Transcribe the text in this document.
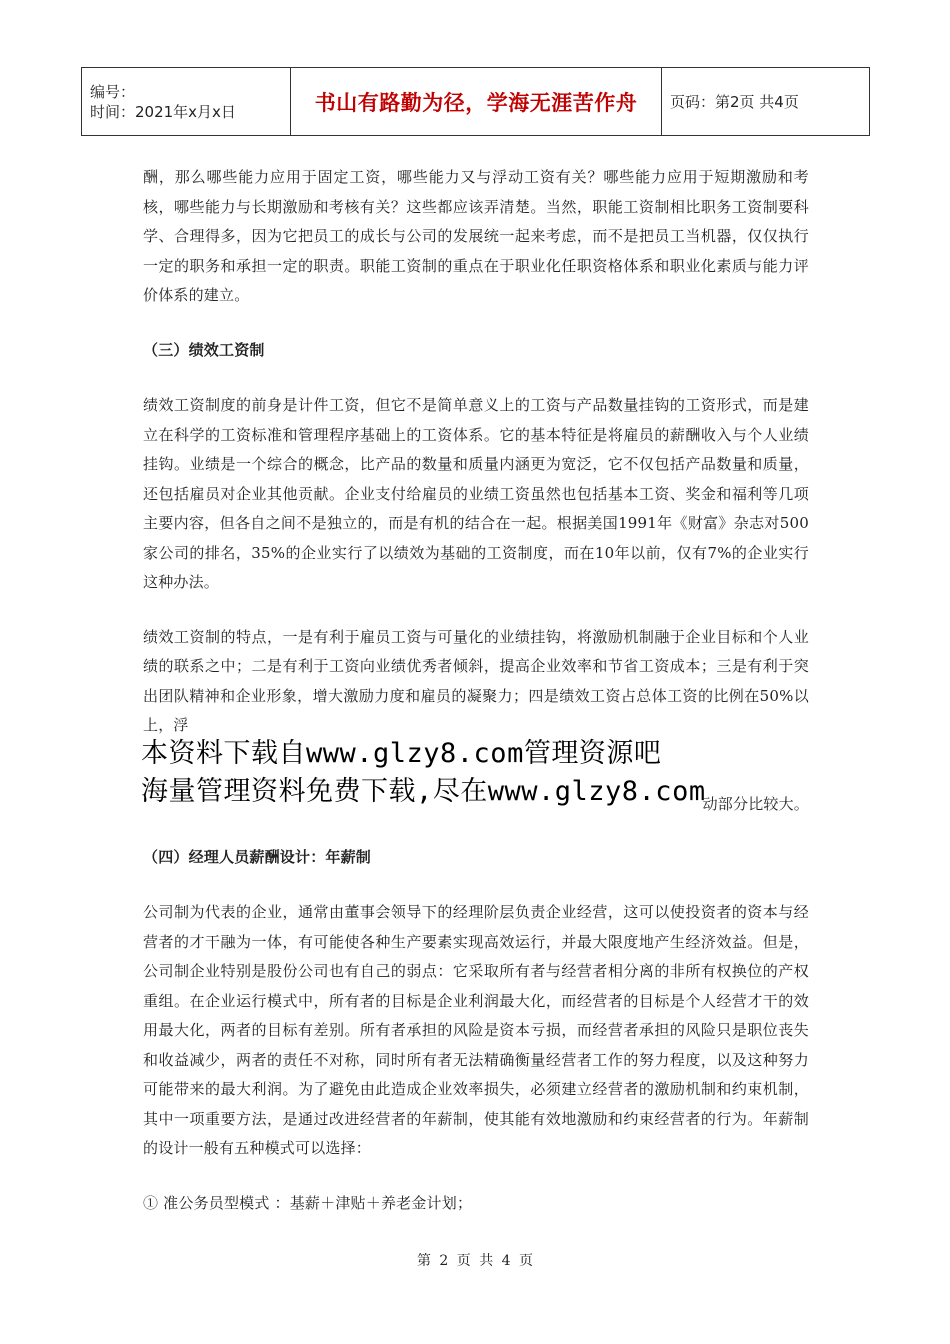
编号：
时间：2021年x月x日	书山有路勤为径，学海无涯苦作舟	页码：第2页 共4页

酬，那么哪些能力应用于固定工资，哪些能力又与浮动工资有关？哪些能力应用于短期激励和考核，哪些能力与长期激励和考核有关？这些都应该弄清楚。当然，职能工资制相比职务工资制要科学、合理得多，因为它把员工的成长与公司的发展统一起来考虑，而不是把员工当机器，仅仅执行一定的职务和承担一定的职责。职能工资制的重点在于职业化任职资格体系和职业化素质与能力评价体系的建立。

（三）绩效工资制

绩效工资制度的前身是计件工资，但它不是简单意义上的工资与产品数量挂钩的工资形式，而是建立在科学的工资标准和管理程序基础上的工资体系。它的基本特征是将雇员的薪酬收入与个人业绩挂钩。业绩是一个综合的概念，比产品的数量和质量内涵更为宽泛，它不仅包括产品数量和质量，还包括雇员对企业其他贡献。企业支付给雇员的业绩工资虽然也包括基本工资、奖金和福利等几项主要内容，但各自之间不是独立的，而是有机的结合在一起。根据美国1991年《财富》杂志对500家公司的排名，35%的企业实行了以绩效为基础的工资制度，而在10年以前，仅有7%的企业实行这种办法。

绩效工资制的特点，一是有利于雇员工资与可量化的业绩挂钩，将激励机制融于企业目标和个人业绩的联系之中；二是有利于工资向业绩优秀者倾斜，提高企业效率和节省工资成本；三是有利于突出团队精神和企业形象，增大激励力度和雇员的凝聚力；四是绩效工资占总体工资的比例在50%以上，浮

本资料下载自www.glzy8.com管理资源吧
海量管理资料免费下载,尽在www.glzy8.com
动部分比较大。
（四）经理人员薪酬设计：年薪制

公司制为代表的企业，通常由董事会领导下的经理阶层负责企业经营，这可以使投资者的资本与经营者的才干融为一体，有可能使各种生产要素实现高效运行，并最大限度地产生经济效益。但是，公司制企业特别是股份公司也有自己的弱点：它采取所有者与经营者相分离的非所有权换位的产权重组。在企业运行模式中，所有者的目标是企业利润最大化，而经营者的目标是个人经营才干的效用最大化，两者的目标有差别。所有者承担的风险是资本亏损，而经营者承担的风险只是职位丧失和收益减少，两者的责任不对称，同时所有者无法精确衡量经营者工作的努力程度，以及这种努力可能带来的最大利润。为了避免由此造成企业效率损失，必须建立经营者的激励机制和约束机制，其中一项重要方法，是通过改进经营者的年薪制，使其能有效地激励和约束经营者的行为。年薪制的设计一般有五种模式可以选择：

① 准公务员型模式 ：基薪＋津贴＋养老金计划；

第 2 页 共 4 页
